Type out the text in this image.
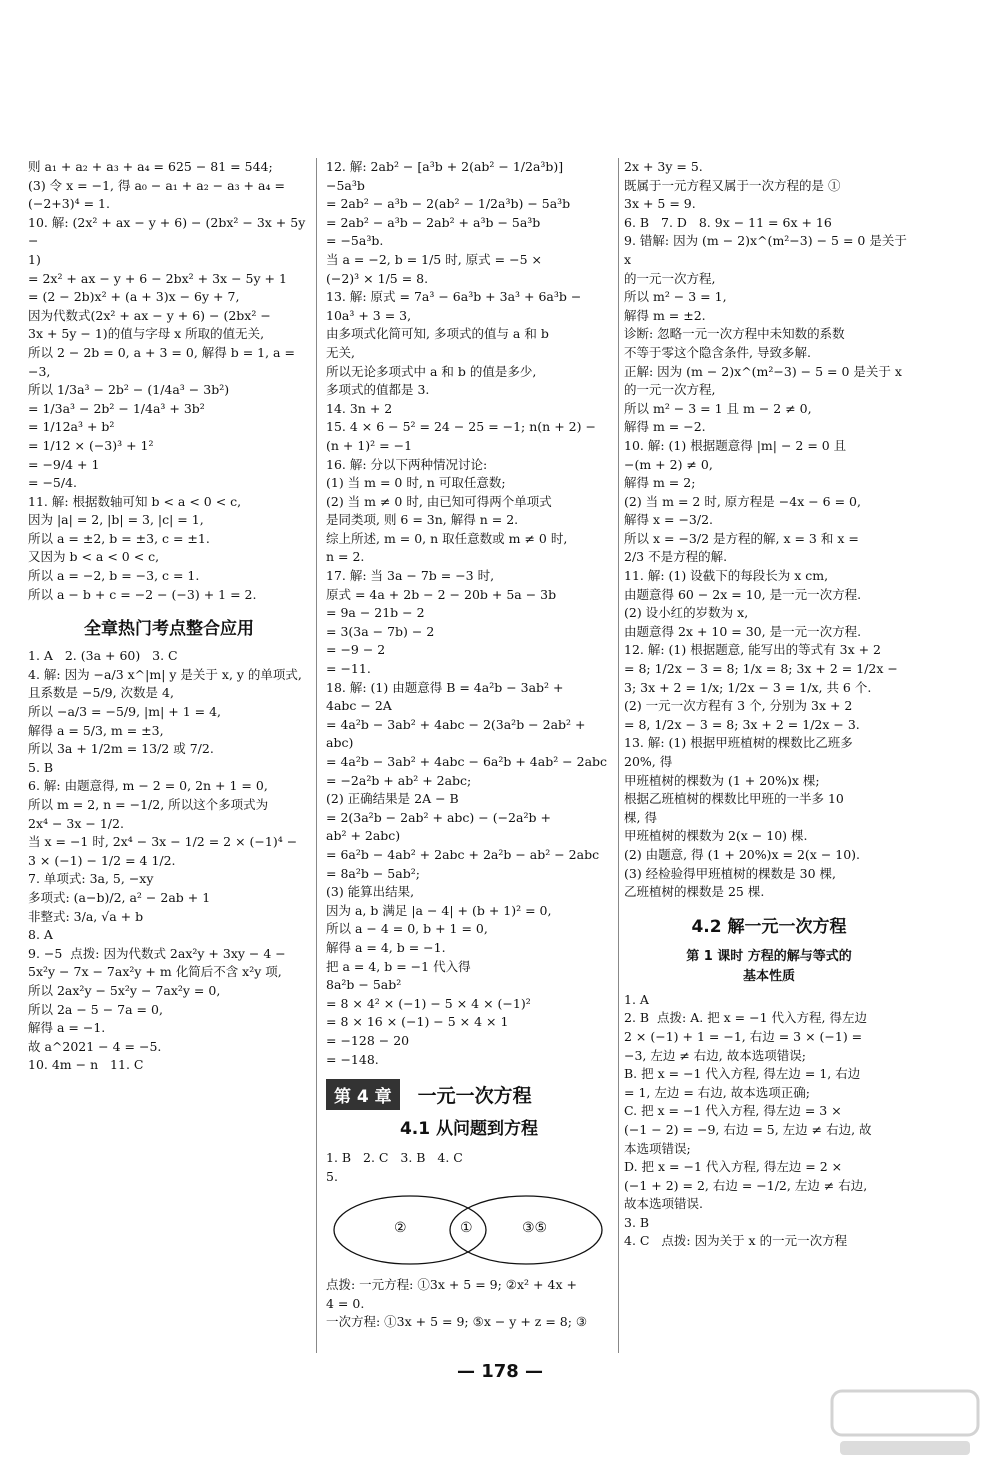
则 a₁ + a₂ + a₃ + a₄ = 625 − 81 = 544;
(3) 令 x = −1, 得 a₀ − a₁ + a₂ − a₃ + a₄ =
(−2+3)⁴ = 1.
10. 解: (2x² + ax − y + 6) − (2bx² − 3x + 5y −
1)
= 2x² + ax − y + 6 − 2bx² + 3x − 5y + 1
= (2 − 2b)x² + (a + 3)x − 6y + 7,
因为代数式(2x² + ax − y + 6) − (2bx² −
3x + 5y − 1)的值与字母 x 所取的值无关,
所以 2 − 2b = 0, a + 3 = 0, 解得 b = 1, a =
−3,
所以 1/3a³ − 2b² − (1/4a³ − 3b²)
= 1/3a³ − 2b² − 1/4a³ + 3b²
= 1/12a³ + b²
= 1/12 × (−3)³ + 1²
= −9/4 + 1
= −5/4.
11. 解: 根据数轴可知 b < a < 0 < c,
因为 |a| = 2, |b| = 3, |c| = 1,
所以 a = ±2, b = ±3, c = ±1.
又因为 b < a < 0 < c,
所以 a = −2, b = −3, c = 1.
所以 a − b + c = −2 − (−3) + 1 = 2.
全章热门考点整合应用
1. A   2. (3a + 60)   3. C
4. 解: 因为 −a/3 x^|m| y 是关于 x, y 的单项式,
且系数是 −5/9, 次数是 4,
所以 −a/3 = −5/9, |m| + 1 = 4,
解得 a = 5/3, m = ±3,
所以 3a + 1/2m = 13/2 或 7/2.
5. B
6. 解: 由题意得, m − 2 = 0, 2n + 1 = 0,
所以 m = 2, n = −1/2, 所以这个多项式为
2x⁴ − 3x − 1/2.
当 x = −1 时, 2x⁴ − 3x − 1/2 = 2 × (−1)⁴ −
3 × (−1) − 1/2 = 4 1/2.
7. 单项式: 3a, 5, −xy
多项式: (a−b)/2, a² − 2ab + 1
非整式: 3/a, √a + b
8. A
9. −5  点拨: 因为代数式 2ax²y + 3xy − 4 −
5x²y − 7x − 7ax²y + m 化简后不含 x²y 项,
所以 2ax²y − 5x²y − 7ax²y = 0,
所以 2a − 5 − 7a = 0,
解得 a = −1.
故 a^2021 − 4 = −5.
10. 4m − n   11. C
12. 解: 2ab² − [a³b + 2(ab² − 1/2a³b)]
−5a³b
= 2ab² − a³b − 2(ab² − 1/2a³b) − 5a³b
= 2ab² − a³b − 2ab² + a³b − 5a³b
= −5a³b.
当 a = −2, b = 1/5 时, 原式 = −5 ×
(−2)³ × 1/5 = 8.
13. 解: 原式 = 7a³ − 6a³b + 3a³ + 6a³b −
10a³ + 3 = 3,
由多项式化简可知, 多项式的值与 a 和 b
无关,
所以无论多项式中 a 和 b 的值是多少,
多项式的值都是 3.
14. 3n + 2
15. 4 × 6 − 5² = 24 − 25 = −1; n(n + 2) −
(n + 1)² = −1
16. 解: 分以下两种情况讨论:
(1) 当 m = 0 时, n 可取任意数;
(2) 当 m ≠ 0 时, 由已知可得两个单项式
是同类项, 则 6 = 3n, 解得 n = 2.
综上所述, m = 0, n 取任意数或 m ≠ 0 时,
n = 2.
17. 解: 当 3a − 7b = −3 时,
原式 = 4a + 2b − 2 − 20b + 5a − 3b
= 9a − 21b − 2
= 3(3a − 7b) − 2
= −9 − 2
= −11.
18. 解: (1) 由题意得 B = 4a²b − 3ab² +
4abc − 2A
= 4a²b − 3ab² + 4abc − 2(3a²b − 2ab² +
abc)
= 4a²b − 3ab² + 4abc − 6a²b + 4ab² − 2abc
= −2a²b + ab² + 2abc;
(2) 正确结果是 2A − B
= 2(3a²b − 2ab² + abc) − (−2a²b +
ab² + 2abc)
= 6a²b − 4ab² + 2abc + 2a²b − ab² − 2abc
= 8a²b − 5ab²;
(3) 能算出结果,
因为 a, b 满足 |a − 4| + (b + 1)² = 0,
所以 a − 4 = 0, b + 1 = 0,
解得 a = 4, b = −1.
把 a = 4, b = −1 代入得
8a²b − 5ab²
= 8 × 4² × (−1) − 5 × 4 × (−1)²
= 8 × 16 × (−1) − 5 × 4 × 1
= −128 − 20
= −148.
第 4 章	一元一次方程
4.1 从问题到方程
1. B   2. C   3. B   4. C
5.
②	①	③⑤
点拨: 一元方程: ①3x + 5 = 9; ②x² + 4x +
4 = 0.
一次方程: ①3x + 5 = 9; ⑤x − y + z = 8; ③
2x + 3y = 5.
既属于一元方程又属于一次方程的是 ①
3x + 5 = 9.
6. B   7. D   8. 9x − 11 = 6x + 16
9. 错解: 因为 (m − 2)x^(m²−3) − 5 = 0 是关于 x
的一元一次方程,
所以 m² − 3 = 1,
解得 m = ±2.
诊断: 忽略一元一次方程中未知数的系数
不等于零这个隐含条件, 导致多解.
正解: 因为 (m − 2)x^(m²−3) − 5 = 0 是关于 x
的一元一次方程,
所以 m² − 3 = 1 且 m − 2 ≠ 0,
解得 m = −2.
10. 解: (1) 根据题意得 |m| − 2 = 0 且
−(m + 2) ≠ 0,
解得 m = 2;
(2) 当 m = 2 时, 原方程是 −4x − 6 = 0,
解得 x = −3/2.
所以 x = −3/2 是方程的解, x = 3 和 x =
2/3 不是方程的解.
11. 解: (1) 设截下的每段长为 x cm,
由题意得 60 − 2x = 10, 是一元一次方程.
(2) 设小红的岁数为 x,
由题意得 2x + 10 = 30, 是一元一次方程.
12. 解: (1) 根据题意, 能写出的等式有 3x + 2
= 8; 1/2x − 3 = 8; 1/x = 8; 3x + 2 = 1/2x −
3; 3x + 2 = 1/x; 1/2x − 3 = 1/x, 共 6 个.
(2) 一元一次方程有 3 个, 分别为 3x + 2
= 8, 1/2x − 3 = 8; 3x + 2 = 1/2x − 3.
13. 解: (1) 根据甲班植树的棵数比乙班多
20%, 得
甲班植树的棵数为 (1 + 20%)x 棵;
根据乙班植树的棵数比甲班的一半多 10
棵, 得
甲班植树的棵数为 2(x − 10) 棵.
(2) 由题意, 得 (1 + 20%)x = 2(x − 10).
(3) 经检验得甲班植树的棵数是 30 棵,
乙班植树的棵数是 25 棵.
4.2 解一元一次方程
第 1 课时 方程的解与等式的
基本性质
1. A
2. B  点拨: A. 把 x = −1 代入方程, 得左边
2 × (−1) + 1 = −1, 右边 = 3 × (−1) =
−3, 左边 ≠ 右边, 故本选项错误;
B. 把 x = −1 代入方程, 得左边 = 1, 右边
= 1, 左边 = 右边, 故本选项正确;
C. 把 x = −1 代入方程, 得左边 = 3 ×
(−1 − 2) = −9, 右边 = 5, 左边 ≠ 右边, 故
本选项错误;
D. 把 x = −1 代入方程, 得左边 = 2 ×
(−1 + 2) = 2, 右边 = −1/2, 左边 ≠ 右边,
故本选项错误.
3. B
4. C   点拨: 因为关于 x 的一元一次方程
— 178 —
